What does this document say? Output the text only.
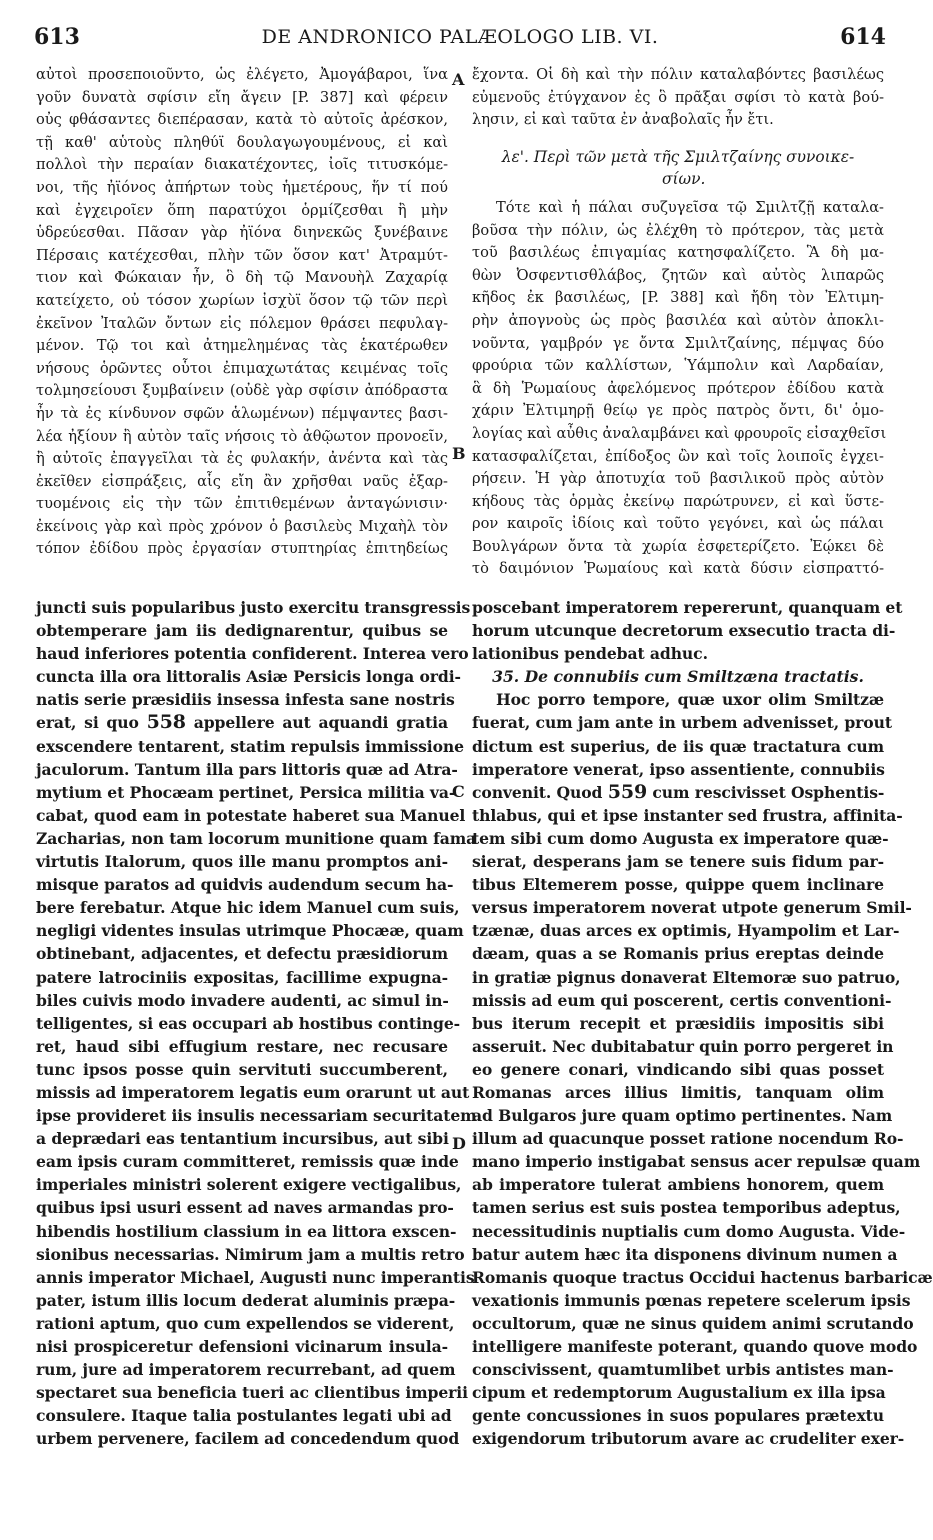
613	DE ANDRONICO PALÆOLOGO LIB. VI.	614
A
B
C
D
αὐτοὶ προσεποιοῦντο, ὡς ἐλέγετο, Ἀμογάβαροι, ἵνα
γοῦν δυνατὰ σφίσιν εἴη ἄγειν [P. 387] καὶ φέρειν
οὐς φθάσαντες διεπέρασαν, κατὰ τὸ αὐτοῖς ἀρέσκον,
τῇ καθ' αὑτοὺς πληθύϊ δουλαγωγουμένους, εἰ καὶ
πολλοὶ τὴν περαίαν διακατέχοντες, ἰοῖς τιτυσκόμε-
νοι, τῆς ἠϊόνος ἀπήρτων τοὺς ἡμετέρους, ἥν τί πού
καὶ ἐγχειροῖεν ὅπη παρατύχοι ὁρμίζεσθαι ἢ μὴν
ὑδρεύεσθαι. Πᾶσαν γὰρ ἠϊόνα διηνεκῶς ξυνέβαινε
Πέρσαις κατέχεσθαι, πλὴν τῶν ὅσον κατ' Ἀτραμύτ-
τιον καὶ Φώκαιαν ἦν, ὃ δὴ τῷ Μανουὴλ Ζαχαρίᾳ
κατείχετο, οὐ τόσον χωρίων ἰσχὺϊ ὅσον τῷ τῶν περὶ
ἐκεῖνον Ἰταλῶν ὄντων εἰς πόλεμον θράσει πεφυλαγ-
μένον. Τῷ τοι καὶ ἀτημελημένας τὰς ἑκατέρωθεν
νήσους ὁρῶντες οὗτοι ἐπιμαχωτάτας κειμένας τοῖς
τολμησείουσι ξυμβαίνειν (οὐδὲ γὰρ σφίσιν ἀπόδραστα
ἦν τὰ ἐς κίνδυνον σφῶν ἁλωμένων) πέμψαντες βασι-
λέα ἠξίουν ἢ αὐτὸν ταῖς νήσοις τὸ ἀθῷωτον προνοεῖν,
ἢ αὐτοῖς ἐπαγγεῖλαι τὰ ἐς φυλακήν, ἀνέντα καὶ τὰς
ἐκεῖθεν εἰσπράξεις, αἷς εἴη ἂν χρῆσθαι ναῦς ἐξαρ-
τυομένοις εἰς τὴν τῶν ἐπιτιθεμένων ἀνταγώνισιν·
ἐκείνοις γὰρ καὶ πρὸς χρόνον ὁ βασιλεὺς Μιχαὴλ τὸν
τόπον ἐδίδου πρὸς ἐργασίαν στυπτηρίας ἐπιτηδείως
ἔχοντα. Οἱ δὴ καὶ τὴν πόλιν καταλαβόντες βασιλέως
εὐμενοῦς ἐτύγχανον ἐς ὃ πρᾶξαι σφίσι τὸ κατὰ βού-
λησιν, εἰ καὶ ταῦτα ἐν ἀναβολαῖς ἦν ἔτι.
λε'. Περὶ τῶν μετὰ τῆς Σμιλτζαίνης συνοικε-
σίων.
Τότε καὶ ἡ πάλαι συζυγεῖσα τῷ Σμιλτζῇ καταλα-
βοῦσα τὴν πόλιν, ὡς ἐλέχθη τὸ πρότερον, τὰς μετὰ
τοῦ βασιλέως ἐπιγαμίας κατησφαλίζετο. Ἃ δὴ μα-
θὼν Ὀσφεντισθλάβος, ζητῶν καὶ αὐτὸς λιπαρῶς
κῆδος ἐκ βασιλέως, [P. 388] καὶ ἤδη τὸν Ἐλτιμη-
ρὴν ἀπογνοὺς ὡς πρὸς βασιλέα καὶ αὐτὸν ἀποκλι-
νοῦντα, γαμβρόν γε ὄντα Σμιλτζαίνης, πέμψας δύο
φρούρια τῶν καλλίστων, Ὑάμπολιν καὶ Λαρδαίαν,
ἃ δὴ Ῥωμαίους ἀφελόμενος πρότερον ἐδίδου κατὰ
χάριν Ἐλτιμηρῇ θείῳ γε πρὸς πατρὸς ὄντι, δι' ὁμο-
λογίας καὶ αὖθις ἀναλαμβάνει καὶ φρουροῖς εἰσαχθεῖσι
κατασφαλίζεται, ἐπίδοξος ὢν καὶ τοῖς λοιποῖς ἐγχει-
ρήσειν. Ἡ γὰρ ἀποτυχία τοῦ βασιλικοῦ πρὸς αὐτὸν
κήδους τὰς ὁρμὰς ἐκείνῳ παρώτρυνεν, εἰ καὶ ὕστε-
ρον καιροῖς ἰδίοις καὶ τοῦτο γεγόνει, καὶ ὡς πάλαι
Βουλγάρων ὄντα τὰ χωρία ἐσφετερίζετο. Ἐῴκει δὲ
τὸ δαιμόνιον Ῥωμαίους καὶ κατὰ δύσιν εἰσπραττό-
juncti suis popularibus justo exercitu transgressis
obtemperare jam iis dedignarentur, quibus se
haud inferiores potentia confiderent. Interea vero
cuncta illa ora littoralis Asiæ Persicis longa ordi-
natis serie præsidiis insessa infesta sane nostris
erat, si quo 558 appellere aut aquandi gratia
exscendere tentarent, statim repulsis immissione
jaculorum. Tantum illa pars littoris quæ ad Atra-
mytium et Phocæam pertinet, Persica militia va-
cabat, quod eam in potestate haberet sua Manuel
Zacharias, non tam locorum munitione quam fama
virtutis Italorum, quos ille manu promptos ani-
misque paratos ad quidvis audendum secum ha-
bere ferebatur. Atque hic idem Manuel cum suis,
negligi videntes insulas utrimque Phocææ, quam
obtinebant, adjacentes, et defectu præsidiorum
patere latrociniis expositas, facillime expugna-
biles cuivis modo invadere audenti, ac simul in-
telligentes, si eas occupari ab hostibus continge-
ret, haud sibi effugium restare, nec recusare
tunc ipsos posse quin servituti succumberent,
missis ad imperatorem legatis eum orarunt ut aut
ipse provideret iis insulis necessariam securitatem
a deprædari eas tentantium incursibus, aut sibi
eam ipsis curam committeret, remissis quæ inde
imperiales ministri solerent exigere vectigalibus,
quibus ipsi usuri essent ad naves armandas pro-
hibendis hostilium classium in ea littora exscen-
sionibus necessarias. Nimirum jam a multis retro
annis imperator Michael, Augusti nunc imperantis
pater, istum illis locum dederat aluminis præpa-
rationi aptum, quo cum expellendos se viderent,
nisi prospiceretur defensioni vicinarum insula-
rum, jure ad imperatorem recurrebant, ad quem
spectaret sua beneficia tueri ac clientibus imperii
consulere. Itaque talia postulantes legati ubi ad
urbem pervenere, facilem ad concedendum quod
poscebant imperatorem repererunt, quanquam et
horum utcunque decretorum exsecutio tracta di-
lationibus pendebat adhuc.
35. De connubiis cum Smiltzæna tractatis.
Hoc porro tempore, quæ uxor olim Smiltzæ
fuerat, cum jam ante in urbem advenisset, prout
dictum est superius, de iis quæ tractatura cum
imperatore venerat, ipso assentiente, connubiis
convenit. Quod 559 cum rescivisset Osphentis-
thlabus, qui et ipse instanter sed frustra, affinita-
tem sibi cum domo Augusta ex imperatore quæ-
sierat, desperans jam se tenere suis fidum par-
tibus Eltemerem posse, quippe quem inclinare
versus imperatorem noverat utpote generum Smil-
tzænæ, duas arces ex optimis, Hyampolim et Lar-
dæam, quas a se Romanis prius ereptas deinde
in gratiæ pignus donaverat Eltemoræ suo patruo,
missis ad eum qui poscerent, certis conventioni-
bus iterum recepit et præsidiis impositis sibi
asseruit. Nec dubitabatur quin porro pergeret in
eo genere conari, vindicando sibi quas posset
Romanas arces illius limitis, tanquam olim
ad Bulgaros jure quam optimo pertinentes. Nam
illum ad quacunque posset ratione nocendum Ro-
mano imperio instigabat sensus acer repulsæ quam
ab imperatore tulerat ambiens honorem, quem
tamen serius est suis postea temporibus adeptus,
necessitudinis nuptialis cum domo Augusta. Vide-
batur autem hæc ita disponens divinum numen a
Romanis quoque tractus Occidui hactenus barbaricæ
vexationis immunis pœnas repetere scelerum ipsis
occultorum, quæ ne sinus quidem animi scrutando
intelligere manifeste poterant, quando quove modo
conscivissent, quamtumlibet urbis antistes man-
cipum et redemptorum Augustalium ex illa ipsa
gente concussiones in suos populares prætextu
exigendorum tributorum avare ac crudeliter exer-
